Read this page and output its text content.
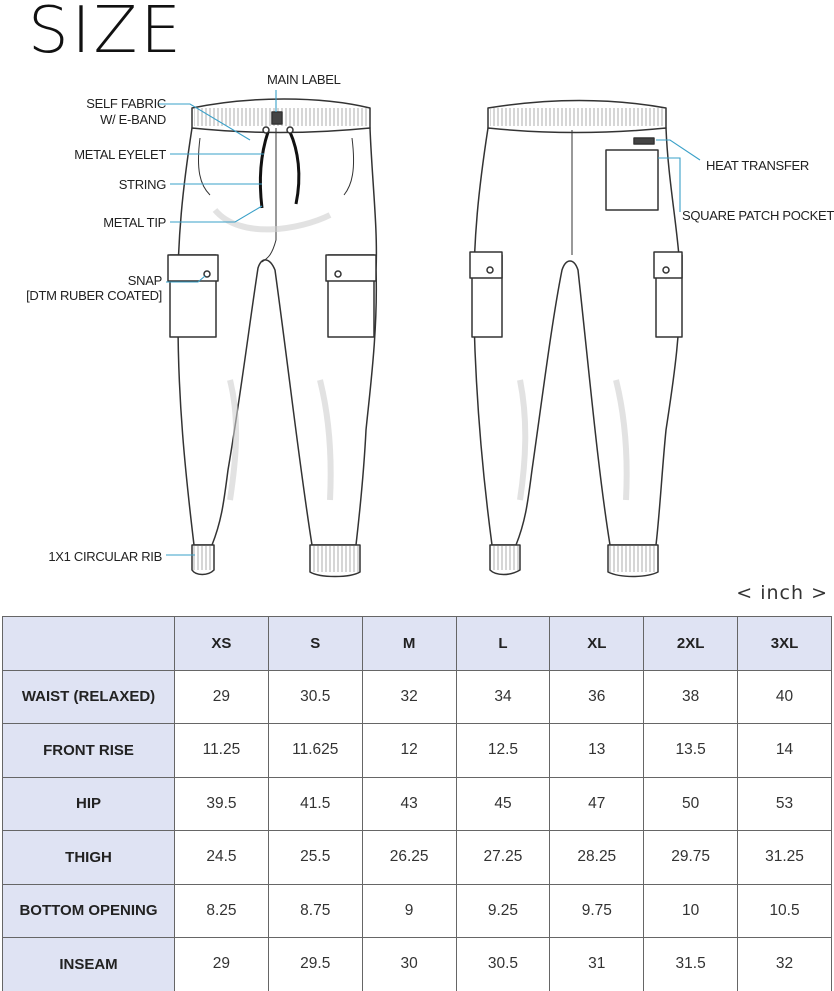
SIZE
MAIN LABEL
SELF FABRIC
W/ E-BAND
METAL EYELET
STRING
METAL TIP
SNAP
[DTM RUBER COATED]
1X1 CIRCULAR RIB
HEAT TRANSFER
SQUARE PATCH POCKET
< inch >
	XS	S	M	L	XL	2XL	3XL
WAIST (RELAXED)	29	30.5	32	34	36	38	40
FRONT RISE	11.25	11.625	12	12.5	13	13.5	14
HIP	39.5	41.5	43	45	47	50	53
THIGH	24.5	25.5	26.25	27.25	28.25	29.75	31.25
BOTTOM OPENING	8.25	8.75	9	9.25	9.75	10	10.5
INSEAM	29	29.5	30	30.5	31	31.5	32
